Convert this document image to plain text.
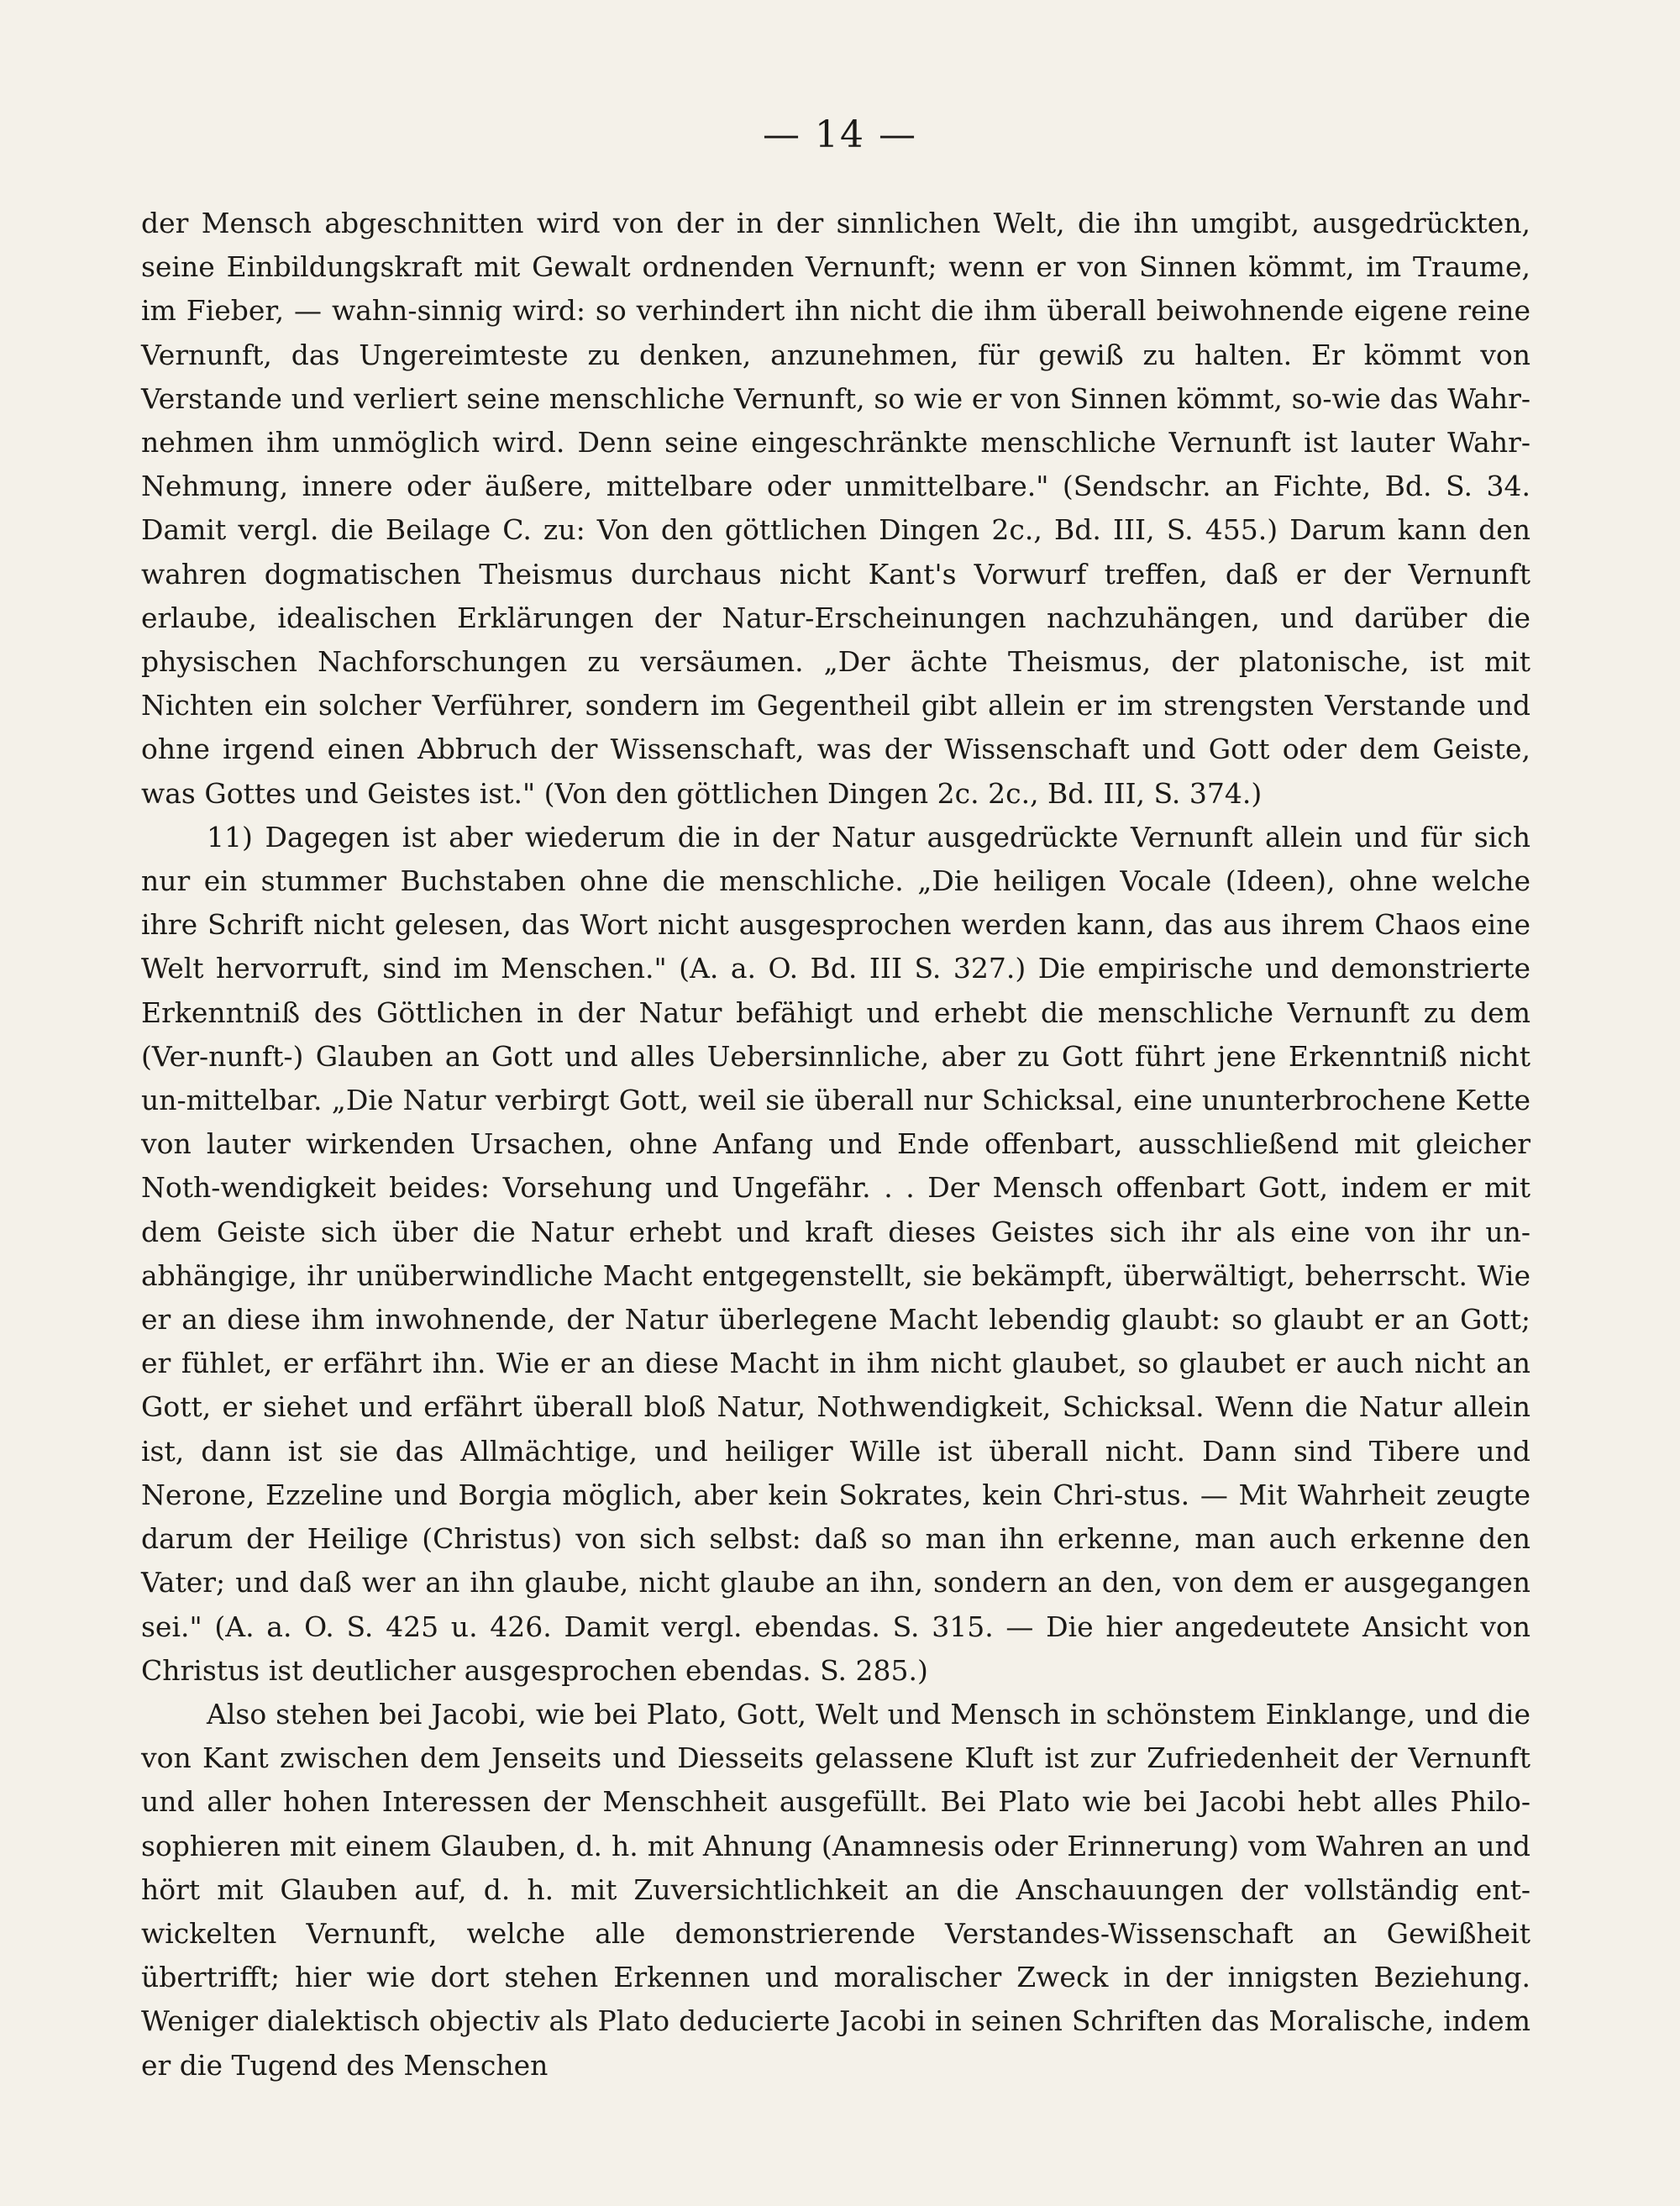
— 14 —

der Mensch abgeschnitten wird von der in der sinnlichen Welt, die ihn umgibt, ausgedrückten, seine Einbildungskraft mit Gewalt ordnenden Vernunft; wenn er von Sinnen kömmt, im Traume, im Fieber, — wahn-sinnig wird: so verhindert ihn nicht die ihm überall beiwohnende eigene reine Vernunft, das Ungereimteste zu denken, anzunehmen, für gewiß zu halten. Er kömmt von Verstande und verliert seine menschliche Vernunft, so wie er von Sinnen kömmt, so-wie das Wahr-nehmen ihm unmöglich wird. Denn seine eingeschränkte menschliche Vernunft ist lauter Wahr-Nehmung, innere oder äußere, mittelbare oder unmittelbare." (Sendschr. an Fichte, Bd. S. 34. Damit vergl. die Beilage C. zu: Von den göttlichen Dingen 2c., Bd. III, S. 455.) Darum kann den wahren dogmatischen Theismus durchaus nicht Kant's Vorwurf treffen, daß er der Vernunft erlaube, idealischen Erklärungen der Natur-Erscheinungen nachzuhängen, und darüber die physischen Nachforschungen zu versäumen. „Der ächte Theismus, der platonische, ist mit Nichten ein solcher Verführer, sondern im Gegentheil gibt allein er im strengsten Verstande und ohne irgend einen Abbruch der Wissenschaft, was der Wissenschaft und Gott oder dem Geiste, was Gottes und Geistes ist." (Von den göttlichen Dingen 2c. 2c., Bd. III, S. 374.)

11) Dagegen ist aber wiederum die in der Natur ausgedrückte Vernunft allein und für sich nur ein stummer Buchstaben ohne die menschliche. „Die heiligen Vocale (Ideen), ohne welche ihre Schrift nicht gelesen, das Wort nicht ausgesprochen werden kann, das aus ihrem Chaos eine Welt hervorruft, sind im Menschen." (A. a. O. Bd. III S. 327.) Die empirische und demonstrierte Erkenntniß des Göttlichen in der Natur befähigt und erhebt die menschliche Vernunft zu dem (Ver-nunft-) Glauben an Gott und alles Uebersinnliche, aber zu Gott führt jene Erkenntniß nicht un-mittelbar. „Die Natur verbirgt Gott, weil sie überall nur Schicksal, eine ununterbrochene Kette von lauter wirkenden Ursachen, ohne Anfang und Ende offenbart, ausschließend mit gleicher Noth-wendigkeit beides: Vorsehung und Ungefähr. . . Der Mensch offenbart Gott, indem er mit dem Geiste sich über die Natur erhebt und kraft dieses Geistes sich ihr als eine von ihr un-abhängige, ihr unüberwindliche Macht entgegenstellt, sie bekämpft, überwältigt, beherrscht. Wie er an diese ihm inwohnende, der Natur überlegene Macht lebendig glaubt: so glaubt er an Gott; er fühlet, er erfährt ihn. Wie er an diese Macht in ihm nicht glaubet, so glaubet er auch nicht an Gott, er siehet und erfährt überall bloß Natur, Nothwendigkeit, Schicksal. Wenn die Natur allein ist, dann ist sie das Allmächtige, und heiliger Wille ist überall nicht. Dann sind Tibere und Nerone, Ezzeline und Borgia möglich, aber kein Sokrates, kein Chri-stus. — Mit Wahrheit zeugte darum der Heilige (Christus) von sich selbst: daß so man ihn erkenne, man auch erkenne den Vater; und daß wer an ihn glaube, nicht glaube an ihn, sondern an den, von dem er ausgegangen sei." (A. a. O. S. 425 u. 426. Damit vergl. ebendas. S. 315. — Die hier angedeutete Ansicht von Christus ist deutlicher ausgesprochen ebendas. S. 285.)

Also stehen bei Jacobi, wie bei Plato, Gott, Welt und Mensch in schönstem Einklange, und die von Kant zwischen dem Jenseits und Diesseits gelassene Kluft ist zur Zufriedenheit der Vernunft und aller hohen Interessen der Menschheit ausgefüllt. Bei Plato wie bei Jacobi hebt alles Philo-sophieren mit einem Glauben, d. h. mit Ahnung (Anamnesis oder Erinnerung) vom Wahren an und hört mit Glauben auf, d. h. mit Zuversichtlichkeit an die Anschauungen der vollständig ent-wickelten Vernunft, welche alle demonstrierende Verstandes-Wissenschaft an Gewißheit übertrifft; hier wie dort stehen Erkennen und moralischer Zweck in der innigsten Beziehung. Weniger dialektisch objectiv als Plato deducierte Jacobi in seinen Schriften das Moralische, indem er die Tugend des Menschen
